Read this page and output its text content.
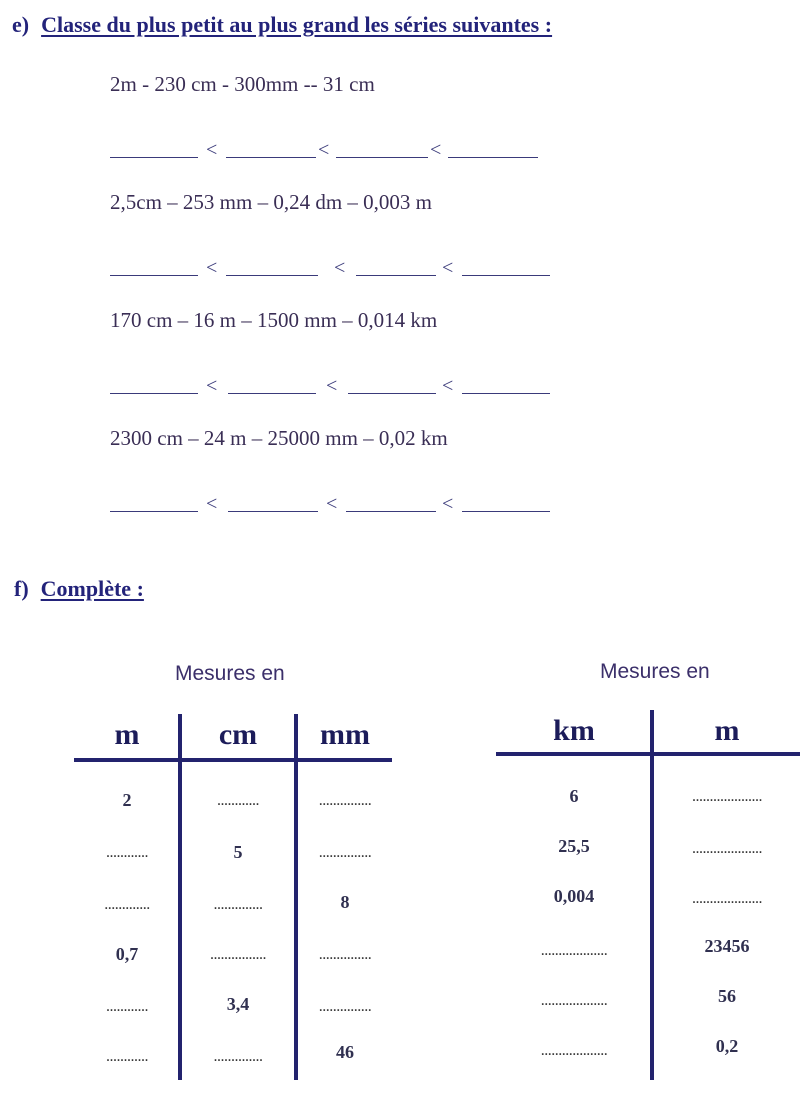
e) Classe du plus petit au plus grand les séries suivantes :
2m - 230 cm - 300mm -- 31 cm
<	<	<
2,5cm – 253 mm – 0,24 dm – 0,003 m
<	<	<
170 cm – 16 m – 1500 mm – 0,014 km
<	<	<
2300 cm – 24 m – 25000 mm – 0,02 km
<	<	<
f) Complète :
Mesures en
m	cm	mm
2	............	...............
............	5	...............
.............	..............	8
0,7	................	...............
............	3,4	...............
............	..............	46
Mesures en
km	m
6	....................
25,5	....................
0,004	....................
...................	23456
...................	56
...................	0,2
